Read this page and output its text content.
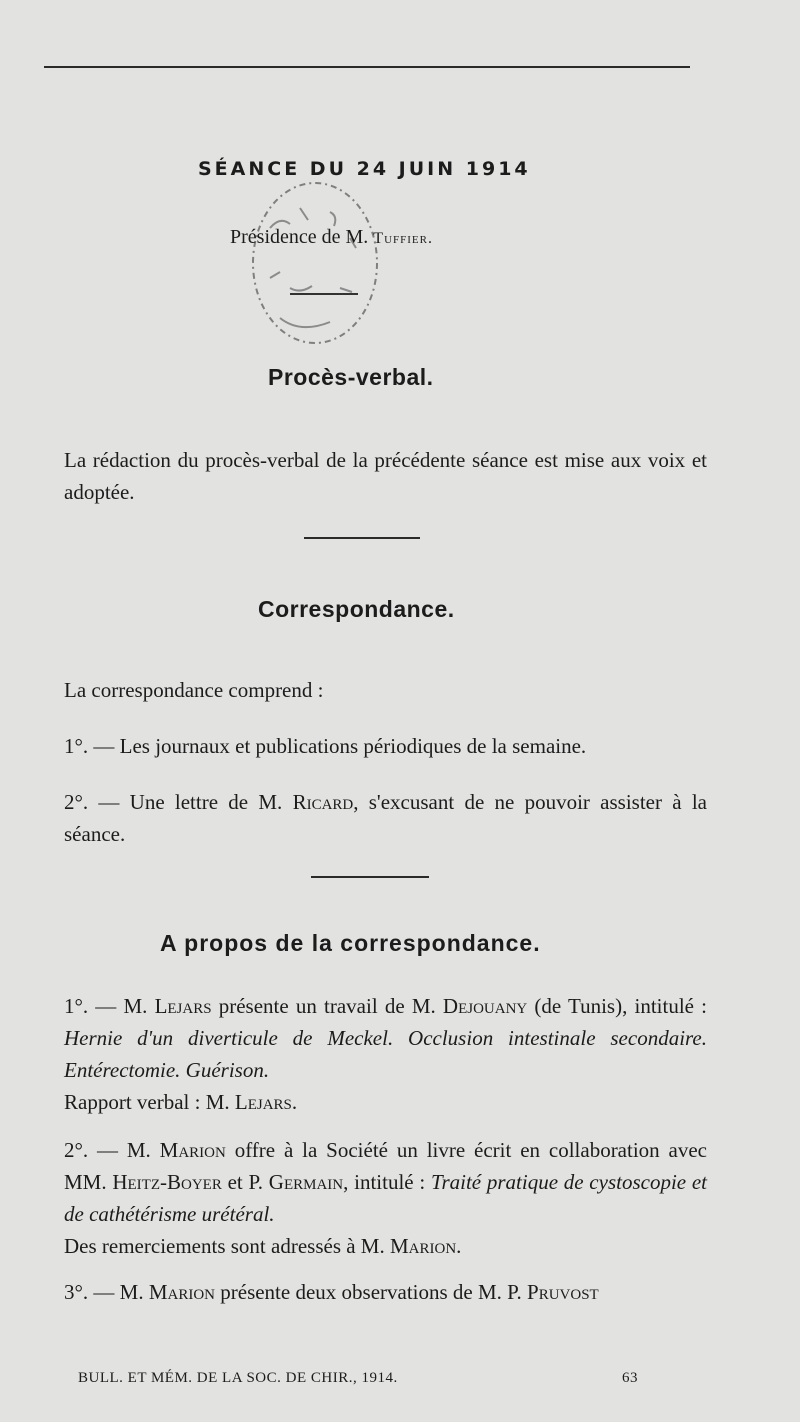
SÉANCE DU 24 JUIN 1914
Présidence de M. Tuffier.
Procès-verbal.

La rédaction du procès-verbal de la précédente séance est mise aux voix et adoptée.

Correspondance.

La correspondance comprend :

1°. — Les journaux et publications périodiques de la semaine.

2°. — Une lettre de M. Ricard, s'excusant de ne pouvoir assister à la séance.

A propos de la correspondance.

1°. — M. Lejars présente un travail de M. Dejouany (de Tunis), intitulé : Hernie d'un diverticule de Meckel. Occlusion intestinale secondaire. Entérectomie. Guérison.

Rapport verbal : M. Lejars.

2°. — M. Marion offre à la Société un livre écrit en collaboration avec MM. Heitz-Boyer et P. Germain, intitulé : Traité pratique de cystoscopie et de cathétérisme urétéral.

Des remerciements sont adressés à M. Marion.

3°. — M. Marion présente deux observations de M. P. Pruvost

BULL. ET MÉM. DE LA SOC. DE CHIR., 1914.	63
